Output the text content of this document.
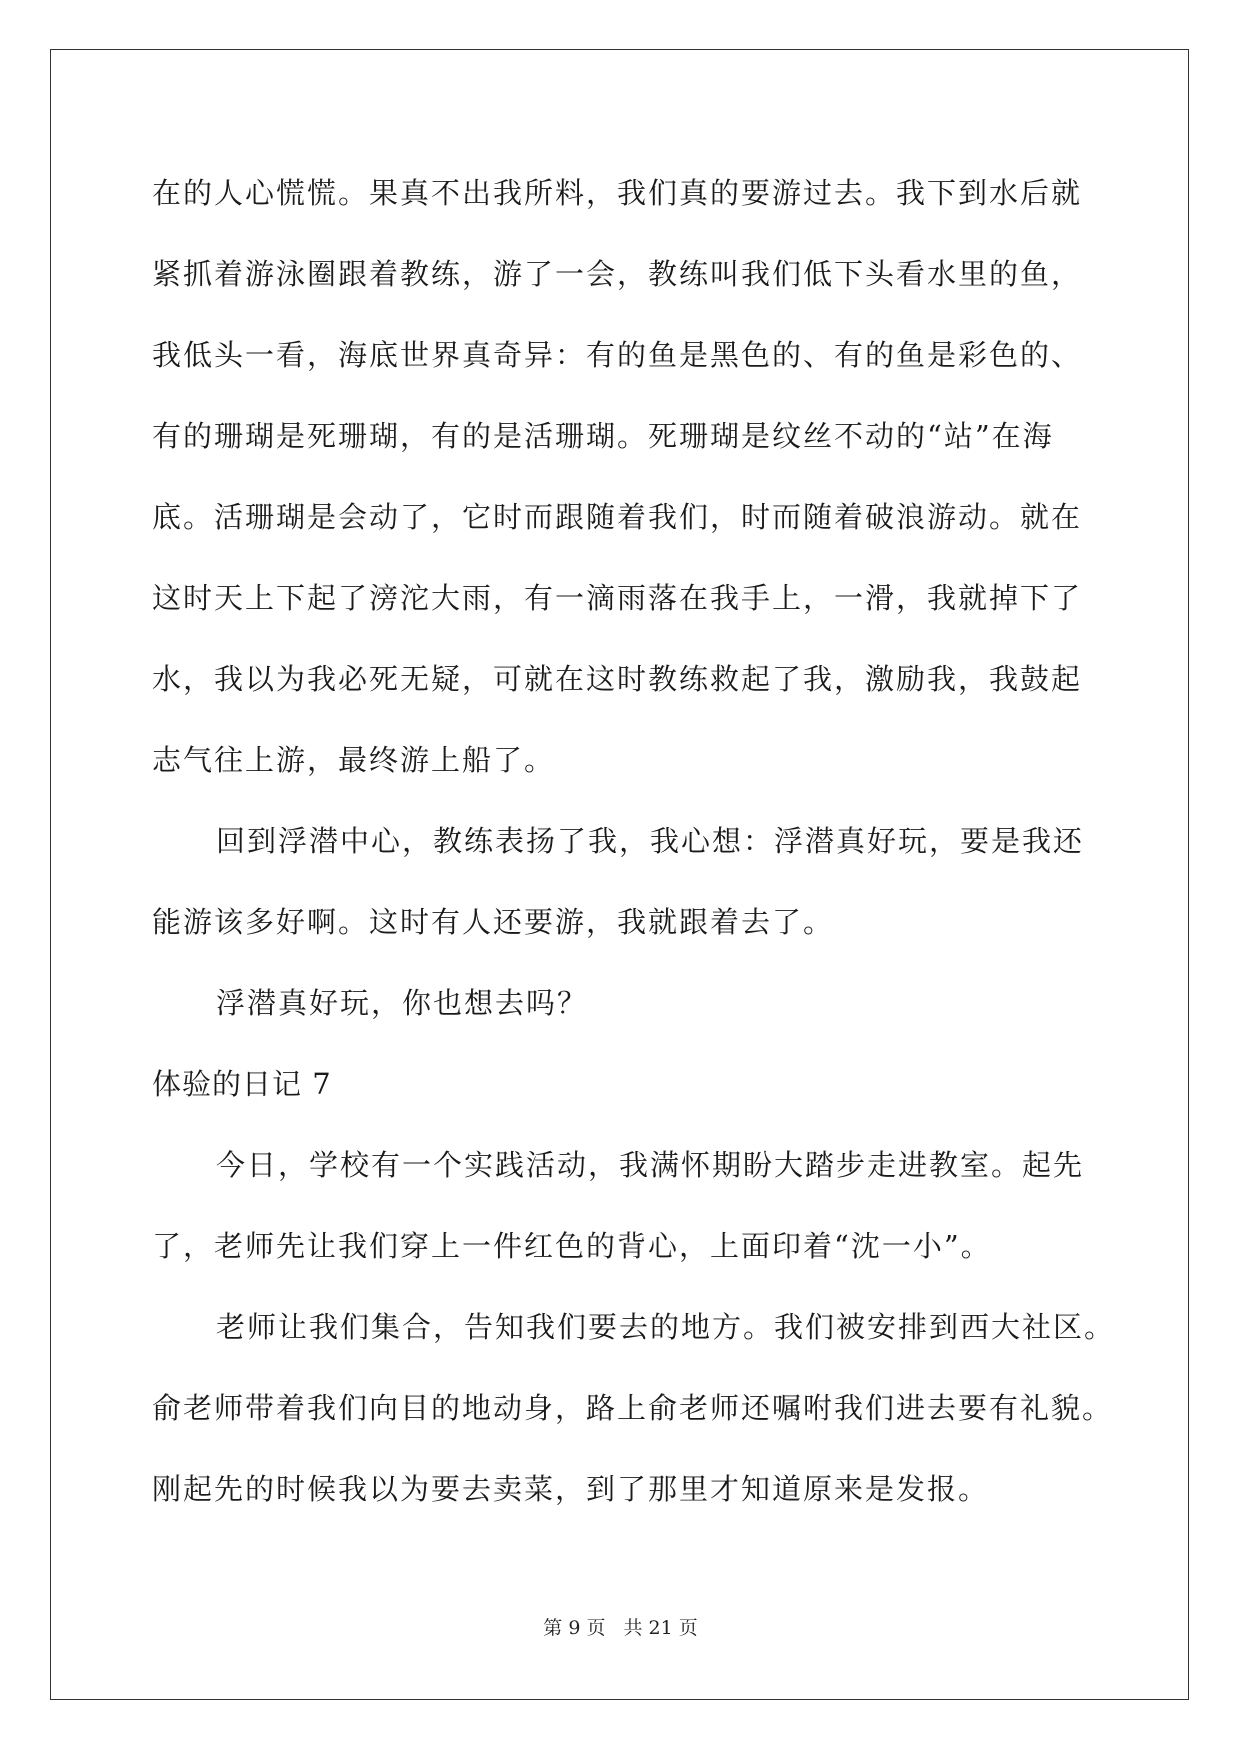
在的人心慌慌。果真不出我所料，我们真的要游过去。我下到水后就
紧抓着游泳圈跟着教练，游了一会，教练叫我们低下头看水里的鱼，
我低头一看，海底世界真奇异：有的鱼是黑色的、有的鱼是彩色的、
有的珊瑚是死珊瑚，有的是活珊瑚。死珊瑚是纹丝不动的“站”在海
底。活珊瑚是会动了，它时而跟随着我们，时而随着破浪游动。就在
这时天上下起了滂沱大雨，有一滴雨落在我手上，一滑，我就掉下了
水，我以为我必死无疑，可就在这时教练救起了我，激励我，我鼓起
志气往上游，最终游上船了。
回到浮潜中心，教练表扬了我，我心想：浮潜真好玩，要是我还
能游该多好啊。这时有人还要游，我就跟着去了。
浮潜真好玩，你也想去吗？
体验的日记 7
今日，学校有一个实践活动，我满怀期盼大踏步走进教室。起先
了，老师先让我们穿上一件红色的背心，上面印着“沈一小”。
老师让我们集合，告知我们要去的地方。我们被安排到西大社区。
俞老师带着我们向目的地动身，路上俞老师还嘱咐我们进去要有礼貌。
刚起先的时候我以为要去卖菜，到了那里才知道原来是发报。
第 9 页 共 21 页
